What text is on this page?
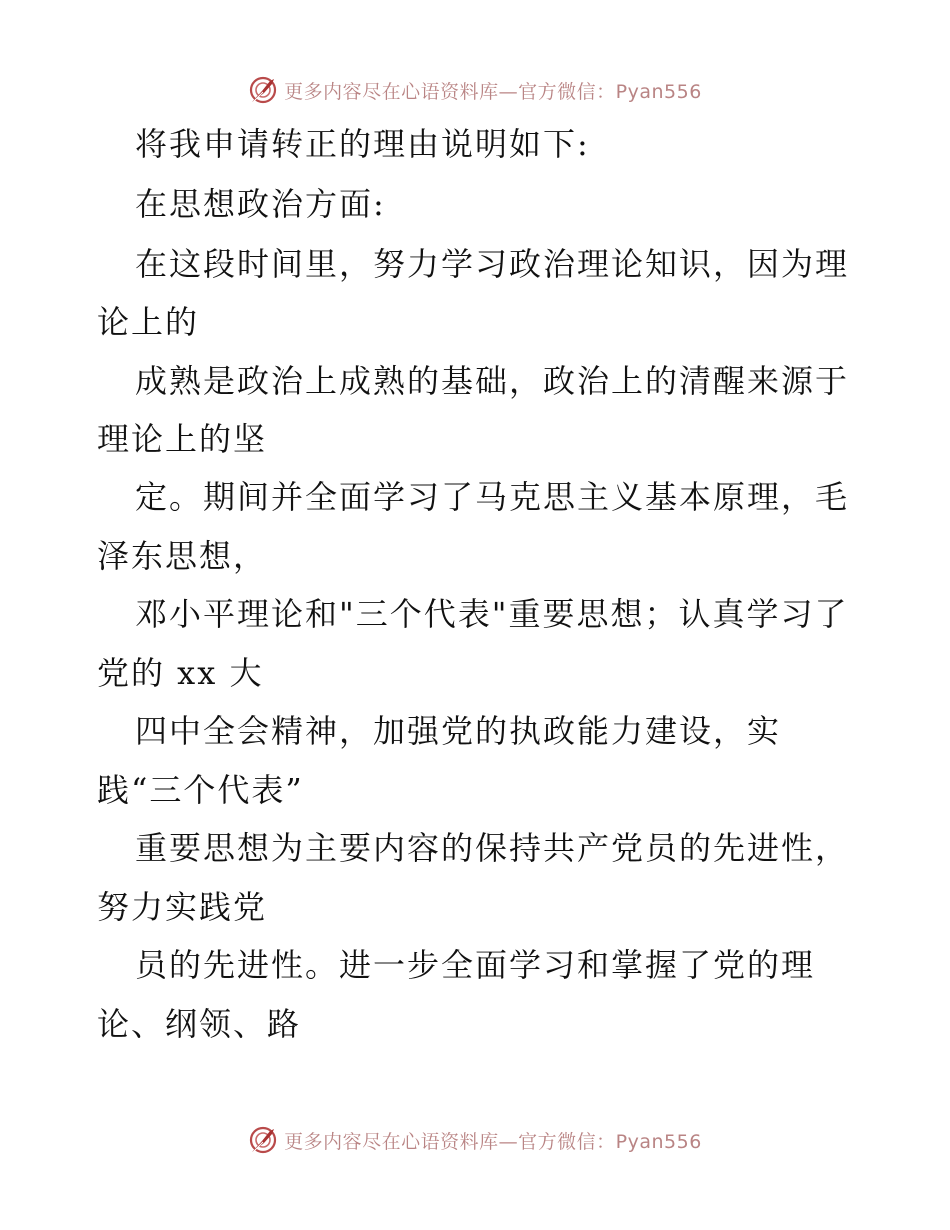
更多内容尽在心语资料库—官方微信：Pyan556
将我申请转正的理由说明如下:
在思想政治方面:
在这段时间里，努力学习政治理论知识，因为理
论上的
成熟是政治上成熟的基础，政治上的清醒来源于
理论上的坚
定。期间并全面学习了马克思主义基本原理，毛
泽东思想，
邓小平理论和"三个代表"重要思想；认真学习了
党的 xx 大
四中全会精神，加强党的执政能力建设，实
践“三个代表”
重要思想为主要内容的保持共产党员的先进性，
努力实践党
员的先进性。进一步全面学习和掌握了党的理
论、纲领、路
更多内容尽在心语资料库—官方微信：Pyan556
